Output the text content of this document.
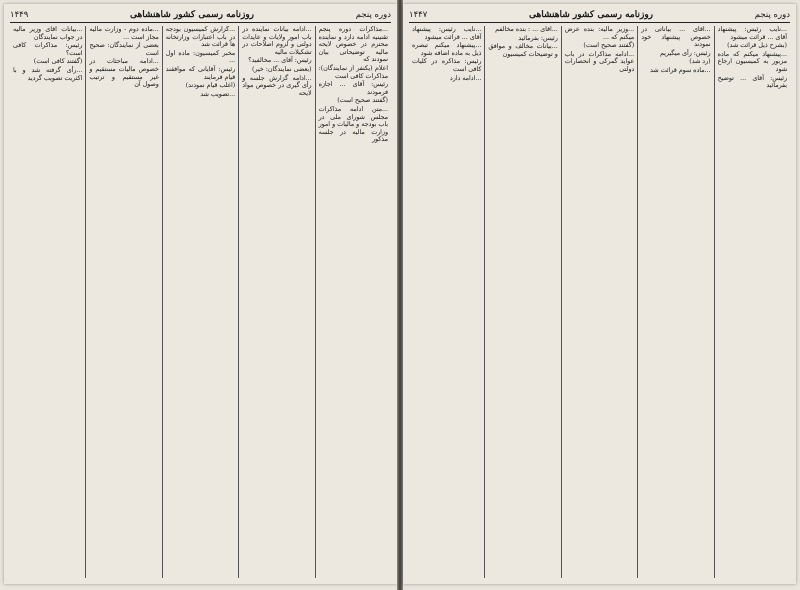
دوره پنجم
روزنامه رسمی کشور شاهنشاهی
۱۴۴۹

...مذاکرات دوره پنجم تقنینیه ادامه دارد و نماینده محترم در خصوص لایحه مالیه توضیحاتی بیان نمودند که

اعلام (یکنفر از نمایندگان): مذاکرات کافی است

رئیس: آقای ... اجازه فرمودند

(گفتند صحیح است)

...متن ادامه مذاکرات مجلس شورای ملی در باب بودجه و مالیات و امور وزارت مالیه در جلسه مذکور

...ادامه بیانات نماینده در باب امور ولایات و عایدات دولتی و لزوم اصلاحات در تشکیلات مالیه

رئیس: آقای ... مخالفید؟

(بعضی نمایندگان: خیر)

...ادامه گزارش جلسه و رأی گیری در خصوص مواد لایحه

...گزارش کمیسیون بودجه در باب اعتبارات وزارتخانه ها قرائت شد

مخبر کمیسیون: ماده اول ...

رئیس: آقایانی که موافقند قیام فرمایند

(اغلب قیام نمودند)

...تصویب شد

...ماده دوم - وزارت مالیه مجاز است ...

بعضی از نمایندگان: صحیح است

...ادامه مباحثات در خصوص مالیات مستقیم و غیر مستقیم و ترتیب وصول آن

...بیانات آقای وزیر مالیه در جواب نمایندگان

رئیس: مذاکرات کافی است؟

(گفتند کافی است)

...رأی گرفته شد و با اکثریت تصویب گردید

دوره پنجم
روزنامه رسمی کشور شاهنشاهی
۱۴۴۷

...نایب رئیس: پیشنهاد آقای ... قرائت میشود

(بشرح ذیل قرائت شد)

...پیشنهاد میکنم که ماده مزبور به کمیسیون ارجاع شود

رئیس: آقای ... توضیح بفرمائید

...آقای ... بیاناتی در خصوص پیشنهاد خود نمودند

رئیس: رأی میگیریم

(رد شد)

...ماده سوم قرائت شد

...وزیر مالیه: بنده عرض میکنم که ...

(گفتند صحیح است)

...ادامه مذاکرات در باب عواید گمرکی و انحصارات دولتی

...آقای ... : بنده مخالفم

رئیس: بفرمائید

...بیانات مخالف و موافق و توضیحات کمیسیون

...نایب رئیس: پیشنهاد آقای ... قرائت میشود

...پیشنهاد میکنم تبصره ذیل به ماده اضافه شود

رئیس: مذاکره در کلیات کافی است

...ادامه دارد
